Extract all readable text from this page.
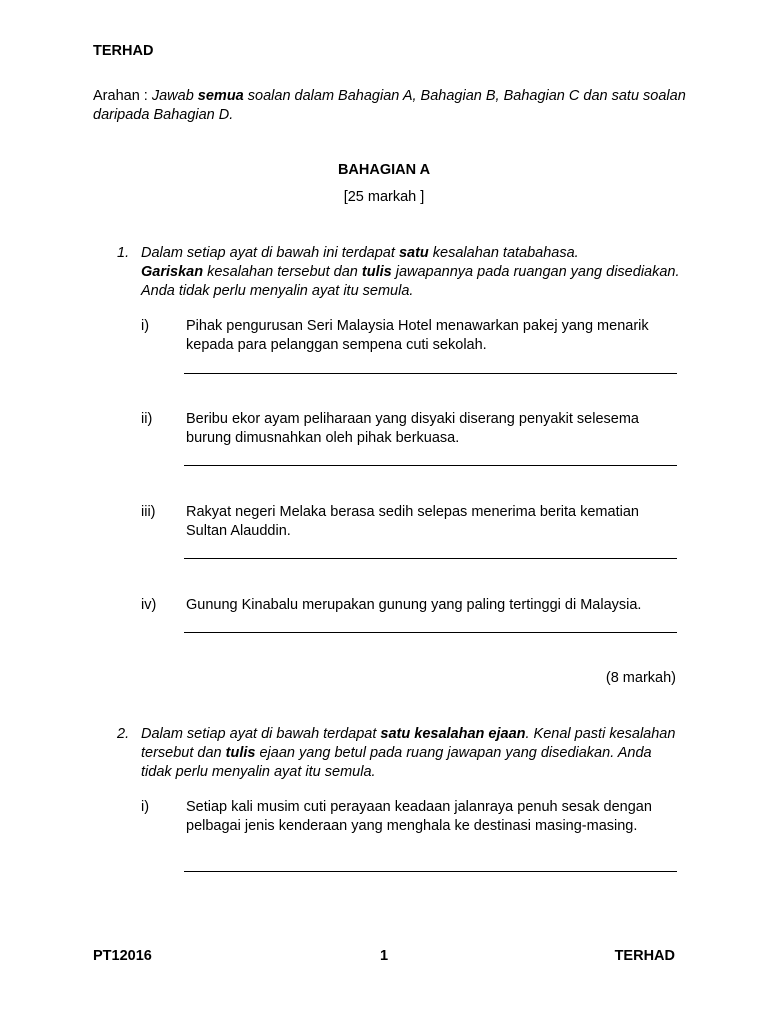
TERHAD
Arahan : Jawab semua soalan dalam Bahagian A, Bahagian B, Bahagian C dan satu soalan daripada Bahagian D.
BAHAGIAN A
[25 markah ]
1. Dalam setiap ayat di bawah ini terdapat satu kesalahan tatabahasa.
Gariskan kesalahan tersebut dan tulis jawapannya pada ruangan yang disediakan. Anda tidak perlu menyalin ayat itu semula.
i)	Pihak pengurusan Seri Malaysia Hotel menawarkan pakej yang menarik kepada para pelanggan sempena cuti sekolah.
ii) Beribu ekor ayam peliharaan yang disyaki diserang penyakit selesema burung dimusnahkan oleh pihak berkuasa.
iii) Rakyat negeri Melaka berasa sedih selepas menerima berita kematian Sultan Alauddin.
iv) Gunung Kinabalu merupakan gunung yang paling tertinggi di Malaysia.
(8 markah)
2. Dalam setiap ayat di bawah terdapat satu kesalahan ejaan. Kenal pasti kesalahan tersebut dan tulis ejaan yang betul pada ruang jawapan yang disediakan. Anda tidak perlu menyalin ayat itu semula.
i)	Setiap kali musim cuti perayaan keadaan jalanraya penuh sesak dengan pelbagai jenis kenderaan yang menghala ke destinasi masing-masing.
PT12016	1	TERHAD
